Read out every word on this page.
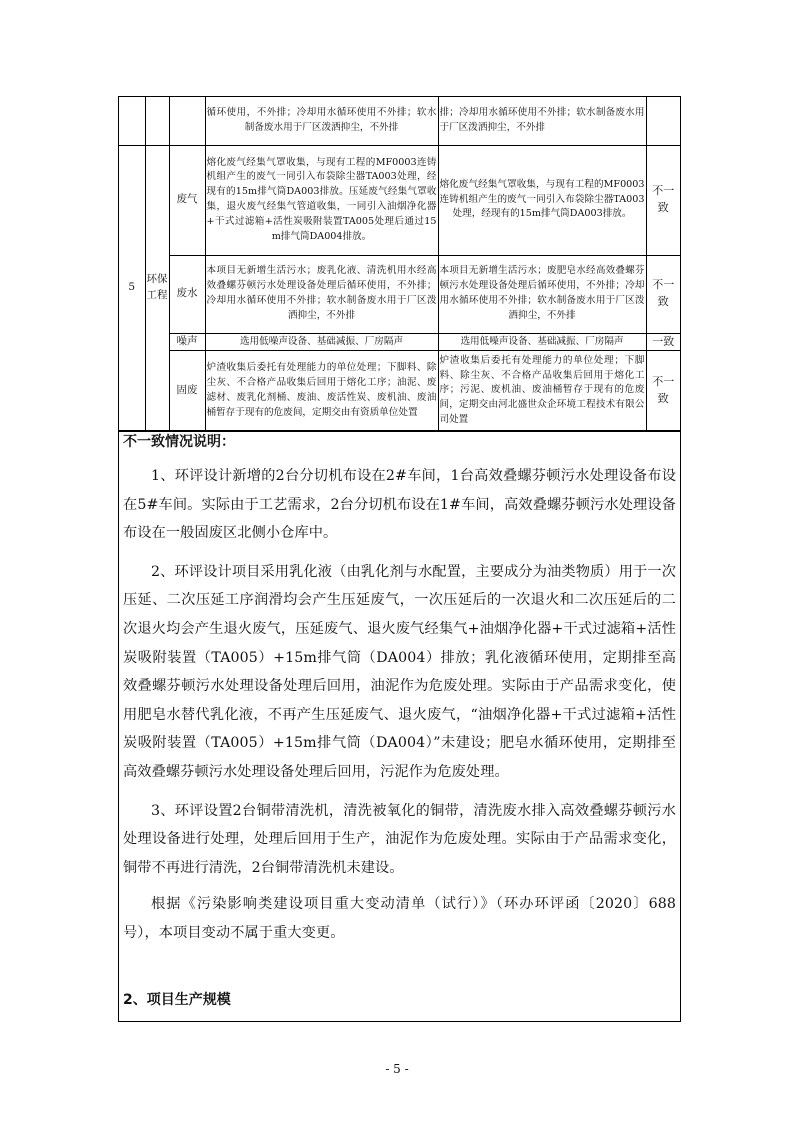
			循环使用，不外排；冷却用水循环使用不外排；软水制备废水用于厂区泼洒抑尘，不外排	排；冷却用水循环使用不外排；软水制备废水用于厂区泼洒抑尘，不外排	

5	环保工程	废气	熔化废气经集气罩收集，与现有工程的MF0003连铸机组产生的废气一同引入布袋除尘器TA003处理，经现有的15m排气筒DA003排放。压延废气经集气罩收集，退火废气经集气管道收集，一同引入油烟净化器+干式过滤箱+活性炭吸附装置TA005处理后通过15m排气筒DA004排放。	熔化废气经集气罩收集，与现有工程的MF0003连铸机组产生的废气一同引入布袋除尘器TA003处理，经现有的15m排气筒DA003排放。	不一致
		废水	本项目无新增生活污水；废乳化液、清洗机用水经高效叠螺芬顿污水处理设备处理后循环使用，不外排；冷却用水循环使用不外排；软水制备废水用于厂区泼洒抑尘，不外排	本项目无新增生活污水；废肥皂水经高效叠螺芬顿污水处理设备处理后循环使用，不外排；冷却用水循环使用不外排；软水制备废水用于厂区泼洒抑尘，不外排	不一致
		噪声	选用低噪声设备、基础减振、厂房隔声	选用低噪声设备、基础减振、厂房隔声	一致
		固废	炉渣收集后委托有处理能力的单位处理；下脚料、除尘灰、不合格产品收集后回用于熔化工序；油泥、废滤材、废乳化剂桶、废油、废活性炭、废机油、废油桶暂存于现有的危废间，定期交由有资质单位处置	炉渣收集后委托有处理能力的单位处理；下脚料、除尘灰、不合格产品收集后回用于熔化工序；污泥、废机油、废油桶暂存于现有的危废间，定期交由河北盛世众企环境工程技术有限公司处置	不一致

不一致情况说明：

1、环评设计新增的2台分切机布设在2#车间，1台高效叠螺芬顿污水处理设备布设在5#车间。实际由于工艺需求，2台分切机布设在1#车间，高效叠螺芬顿污水处理设备布设在一般固废区北侧小仓库中。

2、环评设计项目采用乳化液（由乳化剂与水配置，主要成分为油类物质）用于一次压延、二次压延工序润滑均会产生压延废气，一次压延后的一次退火和二次压延后的二次退火均会产生退火废气，压延废气、退火废气经集气+油烟净化器+干式过滤箱+活性炭吸附装置（TA005）+15m排气筒（DA004）排放；乳化液循环使用，定期排至高效叠螺芬顿污水处理设备处理后回用，油泥作为危废处理。实际由于产品需求变化，使用肥皂水替代乳化液，不再产生压延废气、退火废气，“油烟净化器+干式过滤箱+活性炭吸附装置（TA005）+15m排气筒（DA004）”未建设；肥皂水循环使用，定期排至高效叠螺芬顿污水处理设备处理后回用，污泥作为危废处理。

3、环评设置2台铜带清洗机，清洗被氧化的铜带，清洗废水排入高效叠螺芬顿污水处理设备进行处理，处理后回用于生产，油泥作为危废处理。实际由于产品需求变化，铜带不再进行清洗，2台铜带清洗机未建设。

根据《污染影响类建设项目重大变动清单（试行）》（环办环评函〔2020〕688号），本项目变动不属于重大变更。

2、项目生产规模
- 5 -
